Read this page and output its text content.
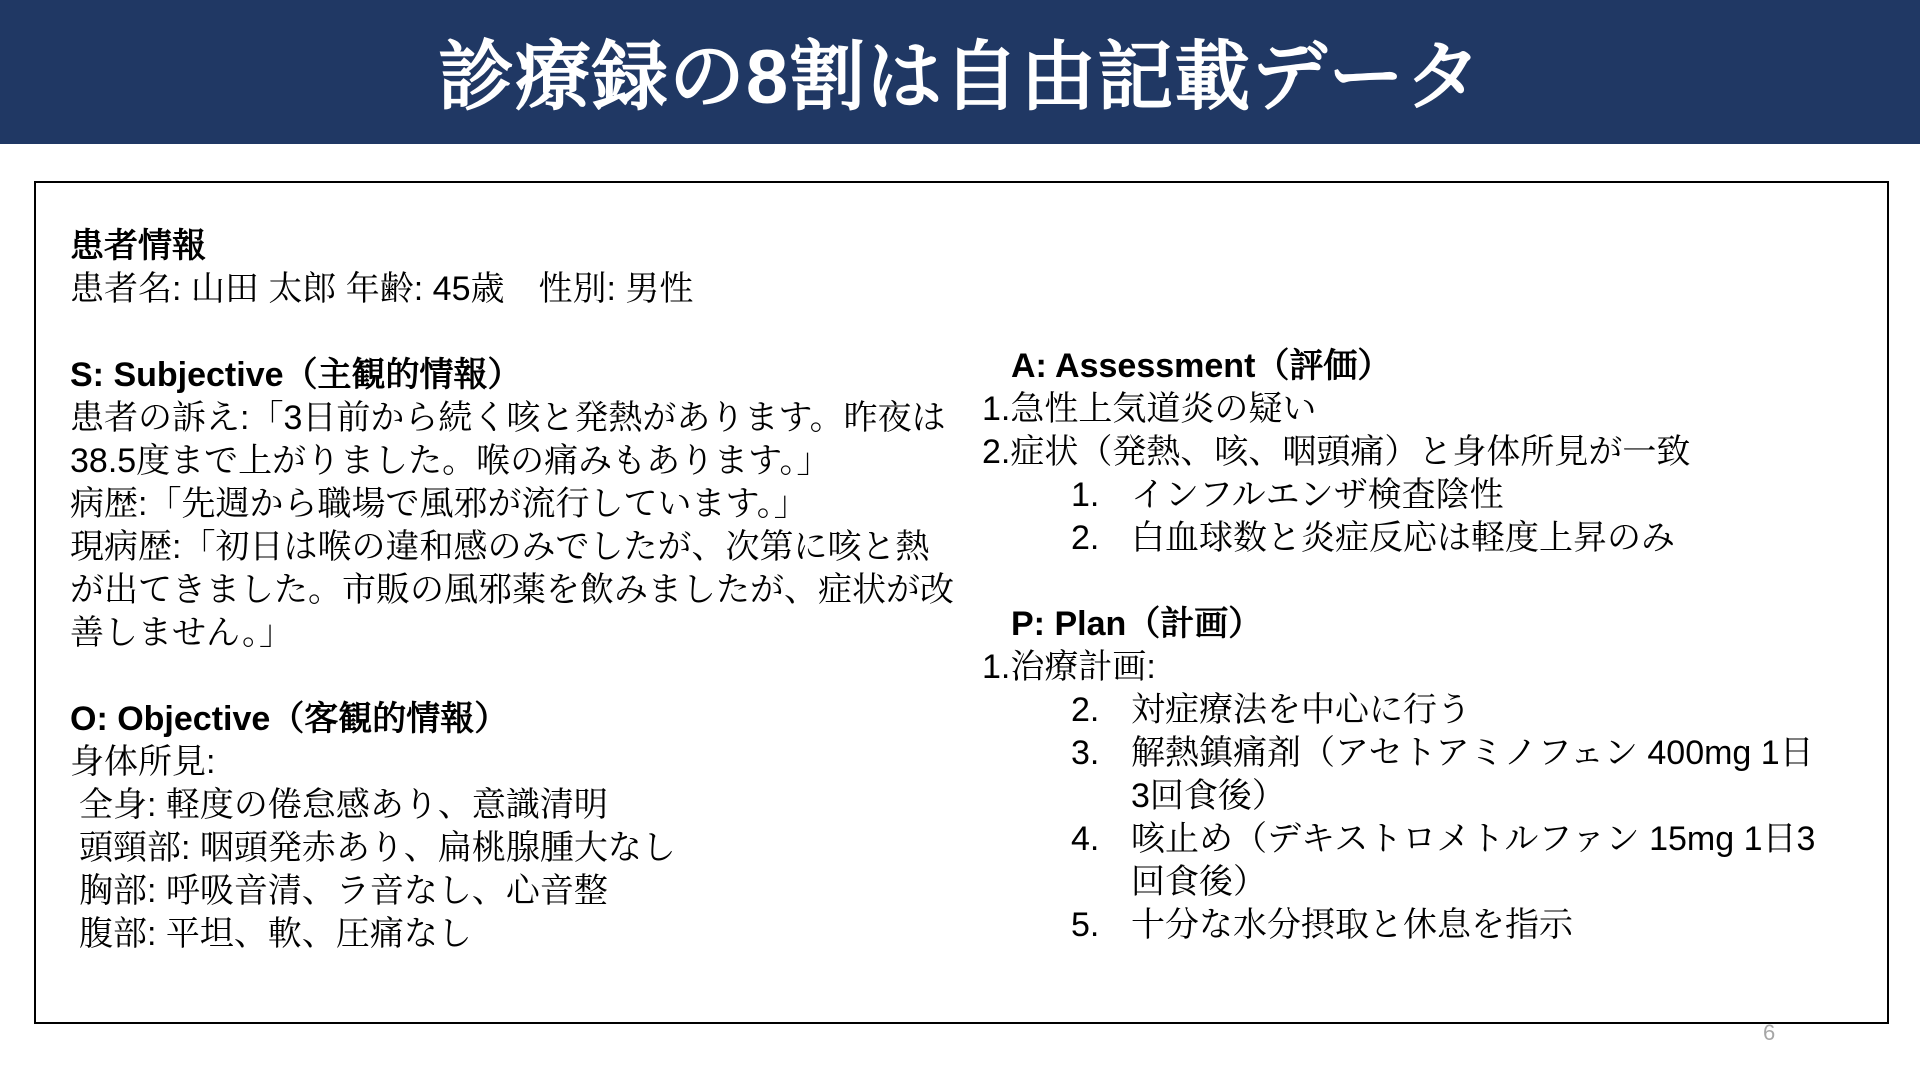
診療録の8割は自由記載データ

患者情報

患者名: 山田 太郎 年齢: 45歳　性別: 男性

S: Subjective（主観的情報）

患者の訴え:「3日前から続く咳と発熱があります。昨夜は

38.5度まで上がりました。喉の痛みもあります。」

病歴:「先週から職場で風邪が流行しています。」

現病歴:「初日は喉の違和感のみでしたが、次第に咳と熱

が出てきました。市販の風邪薬を飲みましたが、症状が改

善しません。」

O: Objective（客観的情報）

身体所見:

全身: 軽度の倦怠感あり、意識清明

頭頸部: 咽頭発赤あり、扁桃腺腫大なし

胸部: 呼吸音清、ラ音なし、心音整

腹部: 平坦、軟、圧痛なし

A: Assessment（評価）

1.急性上気道炎の疑い

2.症状（発熱、咳、咽頭痛）と身体所見が一致

1. インフルエンザ検査陰性
2. 白血球数と炎症反応は軽度上昇のみ

P: Plan（計画）

1.治療計画:

2. 対症療法を中心に行う
3. 解熱鎮痛剤（アセトアミノフェン 400mg 1日3回食後）
4. 咳止め（デキストロメトルファン 15mg 1日3回食後）
5. 十分な水分摂取と休息を指示
6
